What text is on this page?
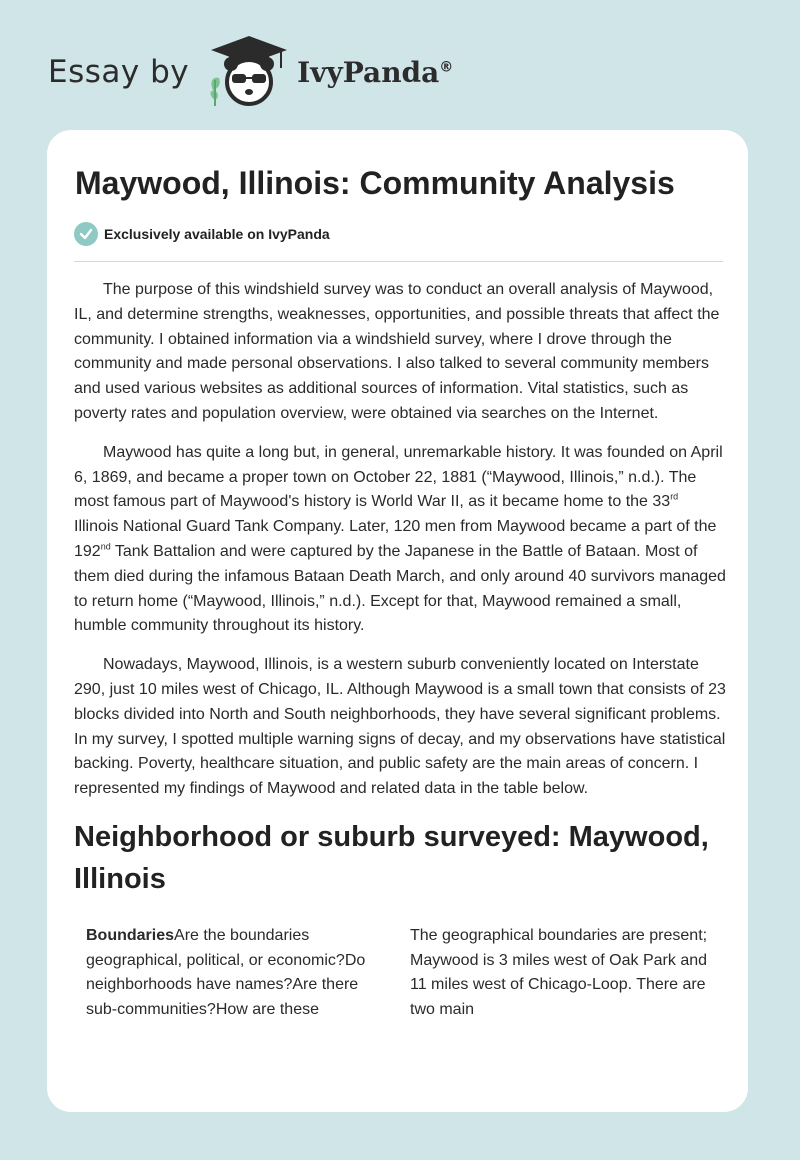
Essay by	IvyPanda®
Maywood, Illinois: Community Analysis
Exclusively available on IvyPanda

The purpose of this windshield survey was to conduct an overall analysis of Maywood, IL, and determine strengths, weaknesses, opportunities, and possible threats that affect the community. I obtained information via a windshield survey, where I drove through the community and made personal observations. I also talked to several community members and used various websites as additional sources of information. Vital statistics, such as poverty rates and population overview, were obtained via searches on the Internet.

Maywood has quite a long but, in general, unremarkable history. It was founded on April 6, 1869, and became a proper town on October 22, 1881 (“Maywood, Illinois,” n.d.). The most famous part of Maywood's history is World War II, as it became home to the 33rd Illinois National Guard Tank Company. Later, 120 men from Maywood became a part of the 192nd Tank Battalion and were captured by the Japanese in the Battle of Bataan. Most of them died during the infamous Bataan Death March, and only around 40 survivors managed to return home (“Maywood, Illinois,” n.d.). Except for that, Maywood remained a small, humble community throughout its history.

Nowadays, Maywood, Illinois, is a western suburb conveniently located on Interstate 290, just 10 miles west of Chicago, IL. Although Maywood is a small town that consists of 23 blocks divided into North and South neighborhoods, they have several significant problems. In my survey, I spotted multiple warning signs of decay, and my observations have statistical backing. Poverty, healthcare situation, and public safety are the main areas of concern. I represented my findings of Maywood and related data in the table below.

Neighborhood or suburb surveyed: Maywood, Illinois
BoundariesAre the boundaries geographical, political, or economic?Do neighborhoods have names?Are there sub-communities?How are these
The geographical boundaries are present; Maywood is 3 miles west of Oak Park and 11 miles west of Chicago-Loop. There are two main
